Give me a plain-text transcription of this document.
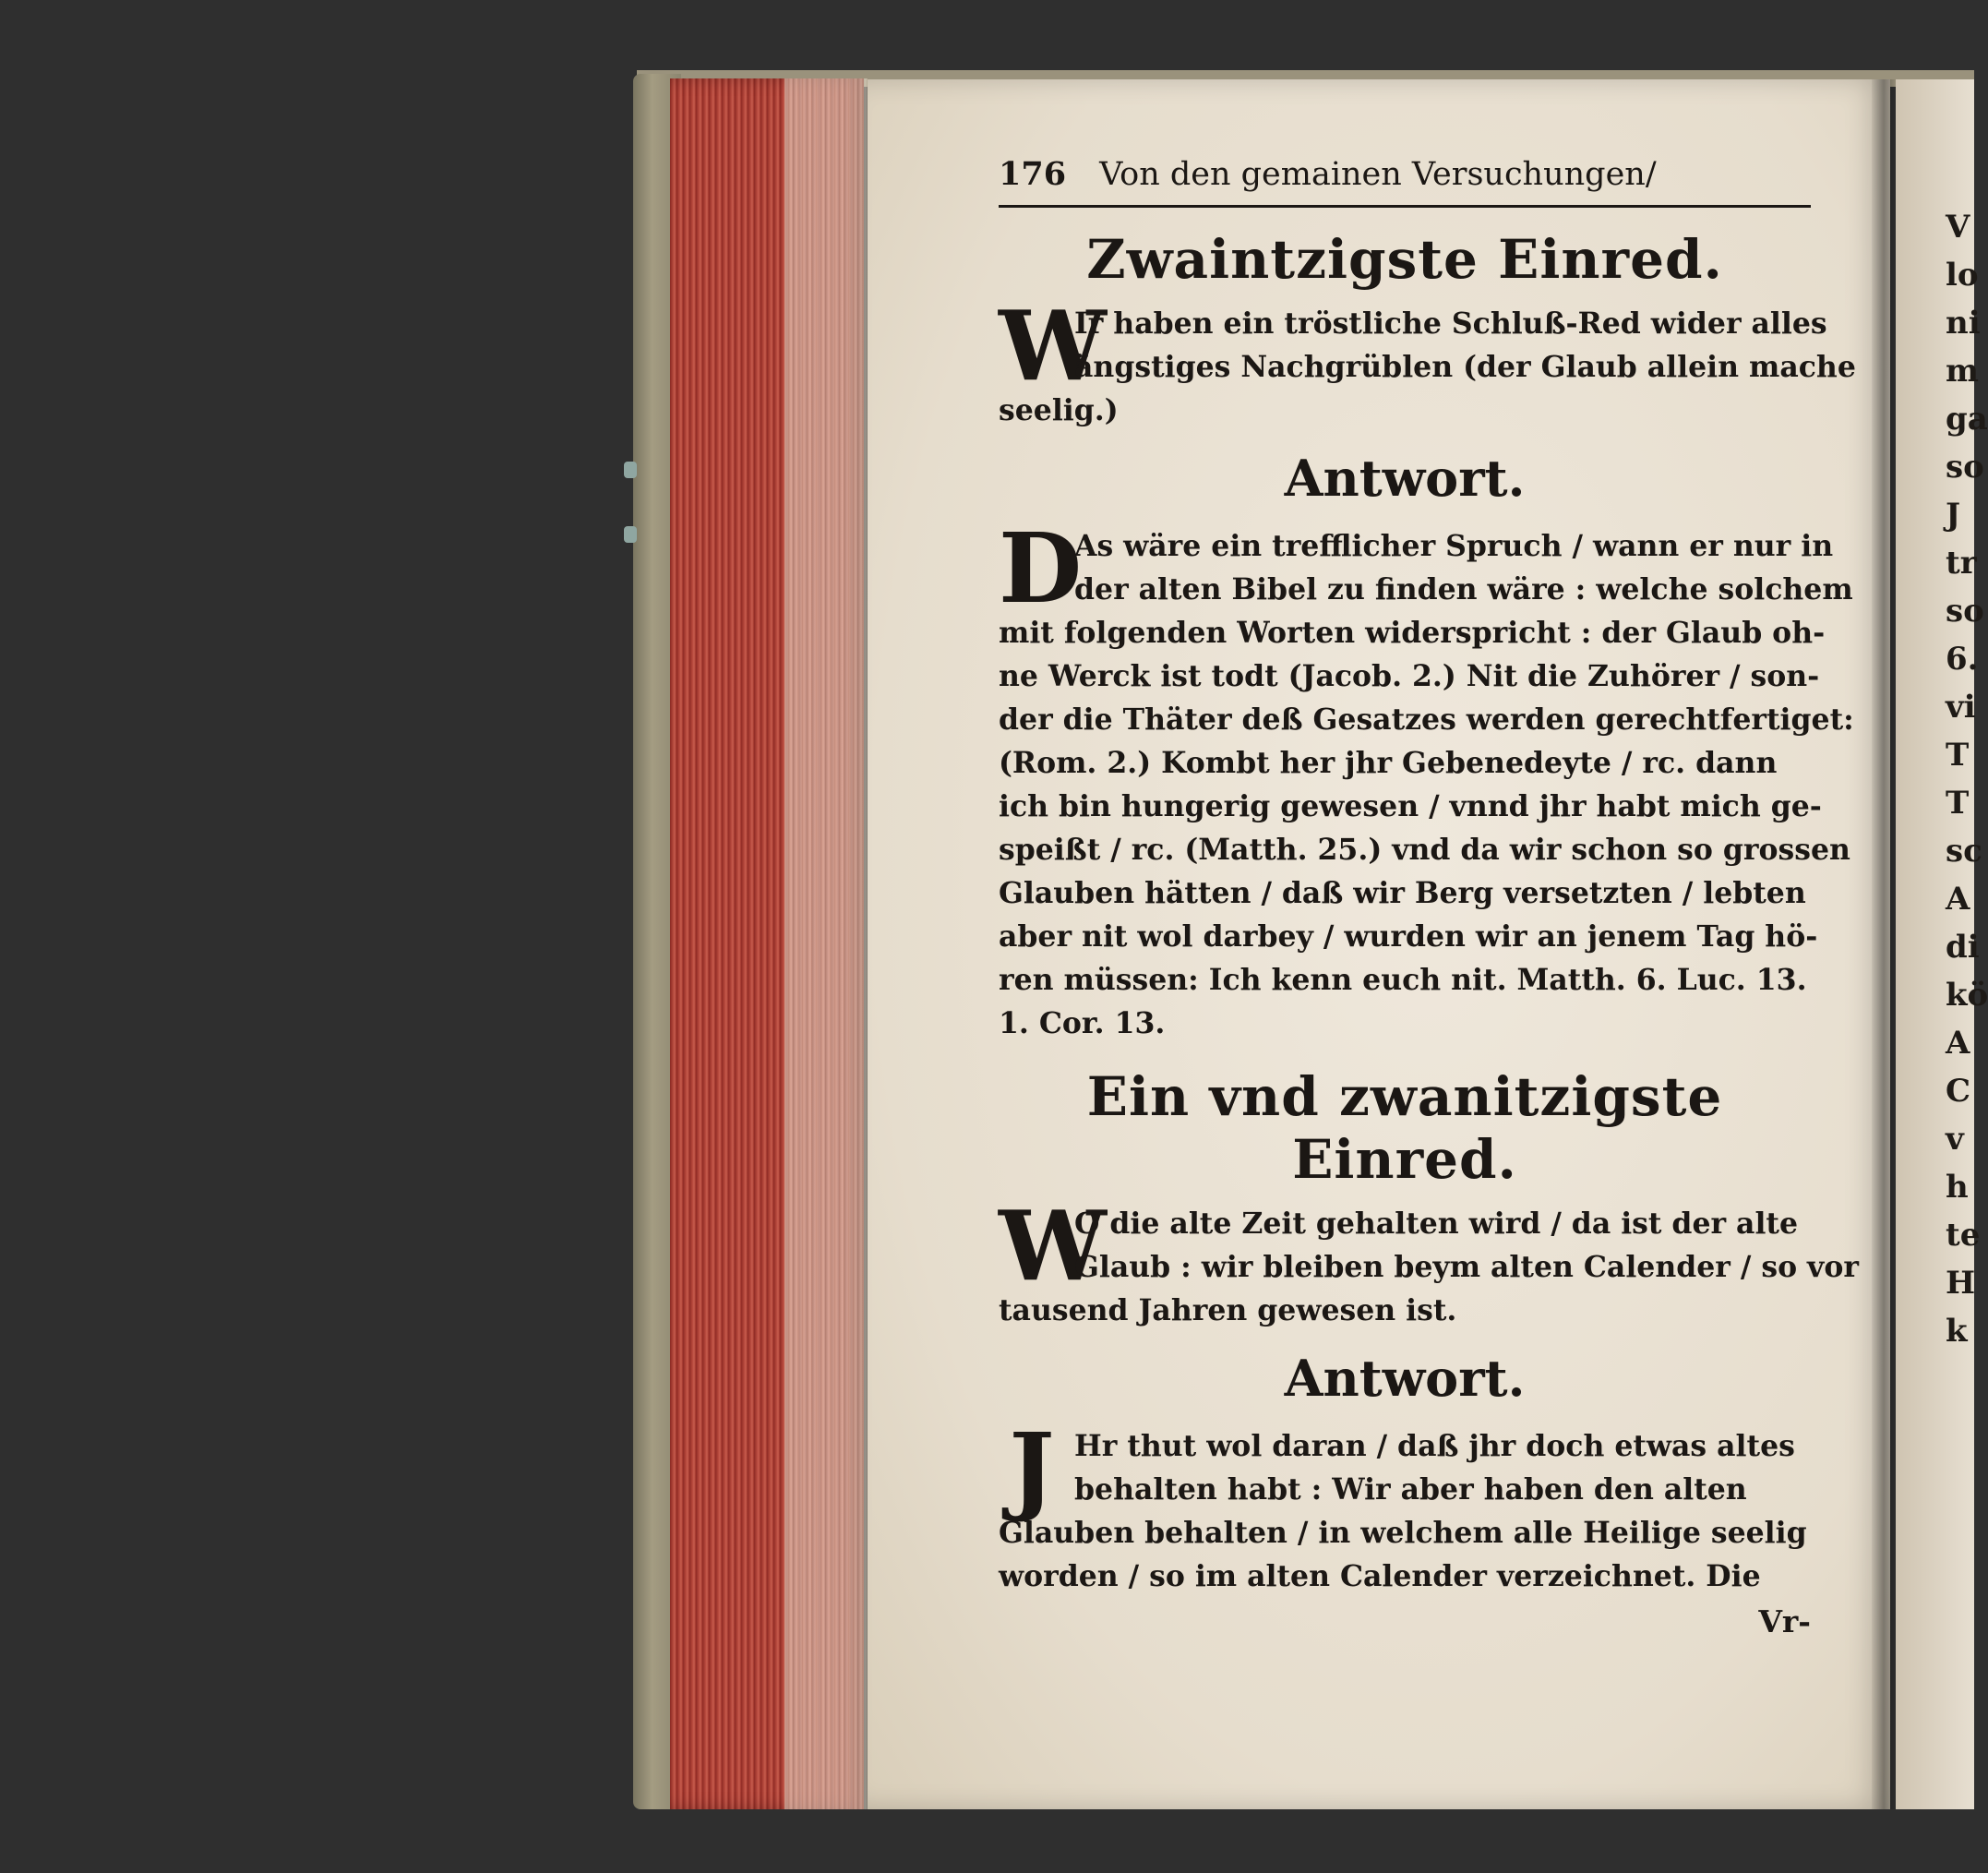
176 Von den gemainen Versuchungen/
Zwaintzigste Einred.
W
Ir haben ein tröstliche Schluß-Red wider alles
ängstiges Nachgrüblen (der Glaub allein mache
seelig.)
Antwort.
D
As wäre ein trefflicher Spruch / wann er nur in
der alten Bibel zu finden wäre : welche solchem
mit folgenden Worten widerspricht : der Glaub oh-
ne Werck ist todt (Jacob. 2.) Nit die Zuhörer / son-
der die Thäter deß Gesatzes werden gerechtfertiget:
(Rom. 2.) Kombt her jhr Gebenedeyte / rc. dann
ich bin hungerig gewesen / vnnd jhr habt mich ge-
speißt / rc. (Matth. 25.) vnd da wir schon so grossen
Glauben hätten / daß wir Berg versetzten / lebten
aber nit wol darbey / wurden wir an jenem Tag hö-
ren müssen: Ich kenn euch nit. Matth. 6. Luc. 13.
1. Cor. 13.
Ein vnd zwanitzigste Einred.
W
O die alte Zeit gehalten wird / da ist der alte
Glaub : wir bleiben beym alten Calender / so vor
tausend Jahren gewesen ist.
Antwort.
J Hr thut wol daran / daß jhr doch etwas altes
behalten habt : Wir aber haben den alten
Glauben behalten / in welchem alle Heilige seelig
worden / so im alten Calender verzeichnet. Die
Vr-
V
lo
ni
m
ga
so
J
tr
so
6.
vi
T
T
sc
A
di
kö
A
C
v
h
te
H
k
